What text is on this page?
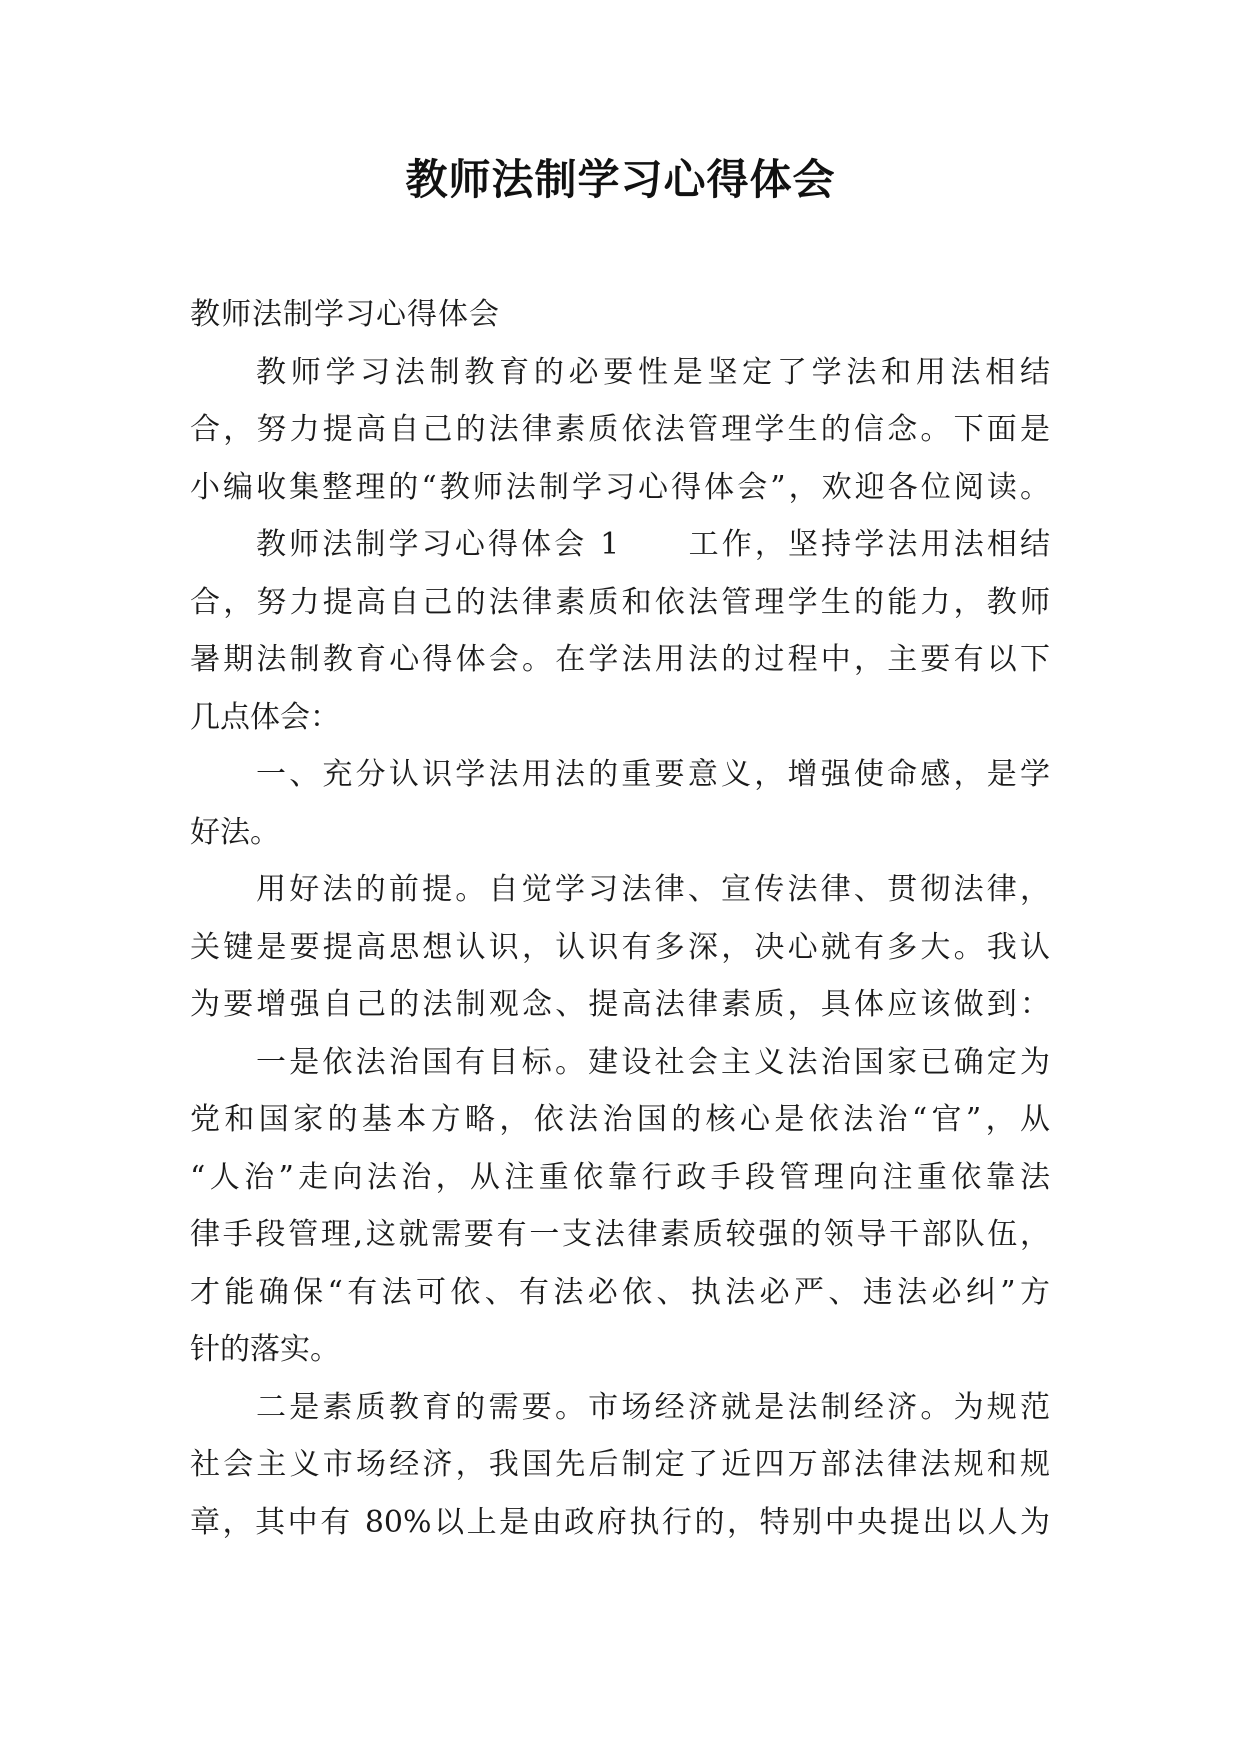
教师法制学习心得体会
教师法制学习心得体会
教师学习法制教育的必要性是坚定了学法和用法相结
合，努力提高自己的法律素质依法管理学生的信念。下面是
小编收集整理的“教师法制学习心得体会”，欢迎各位阅读。
教师法制学习心得体会 1　　工作，坚持学法用法相结
合，努力提高自己的法律素质和依法管理学生的能力，教师
暑期法制教育心得体会。在学法用法的过程中，主要有以下
几点体会：
一、充分认识学法用法的重要意义，增强使命感，是学
好法。
用好法的前提。自觉学习法律、宣传法律、贯彻法律，
关键是要提高思想认识，认识有多深，决心就有多大。我认
为要增强自己的法制观念、提高法律素质，具体应该做到：
一是依法治国有目标。建设社会主义法治国家已确定为
党和国家的基本方略，依法治国的核心是依法治“官”，从
“人治”走向法治，从注重依靠行政手段管理向注重依靠法
律手段管理,这就需要有一支法律素质较强的领导干部队伍，
才能确保“有法可依、有法必依、执法必严、违法必纠”方
针的落实。
二是素质教育的需要。市场经济就是法制经济。为规范
社会主义市场经济，我国先后制定了近四万部法律法规和规
章，其中有 80%以上是由政府执行的，特别中央提出以人为
